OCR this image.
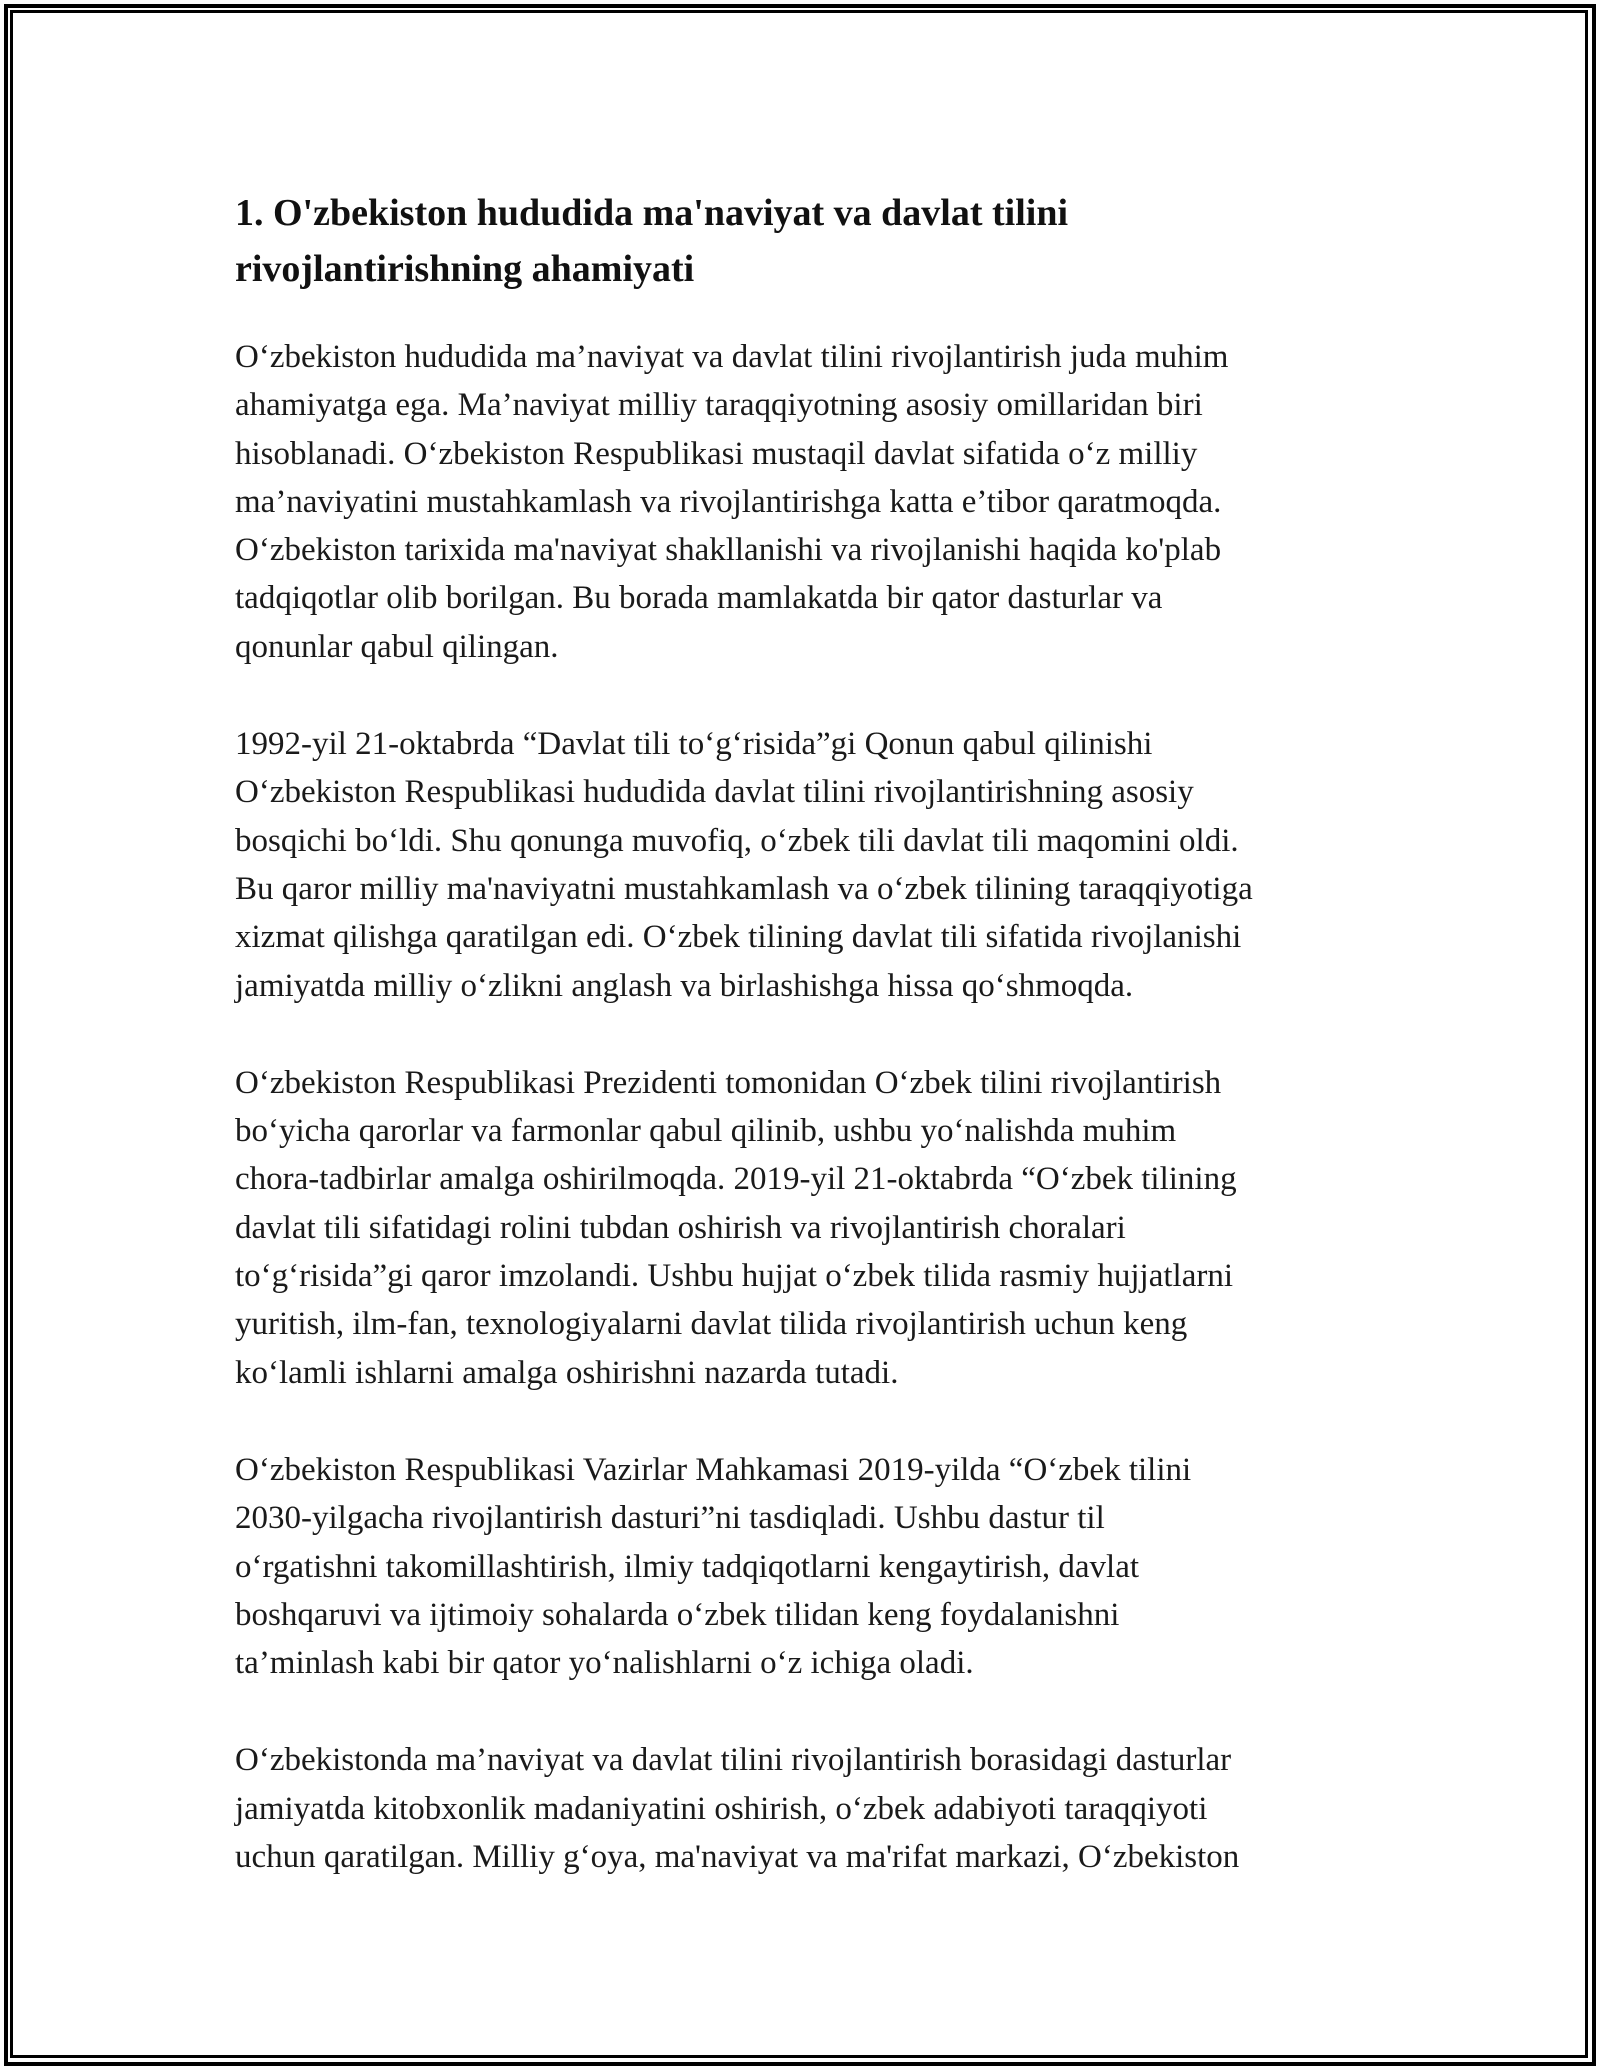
1. O'zbekiston hududida ma'naviyat va davlat tilini
rivojlantirishning ahamiyati

O‘zbekiston hududida ma’naviyat va davlat tilini rivojlantirish juda muhim
ahamiyatga ega. Ma’naviyat milliy taraqqiyotning asosiy omillaridan biri
hisoblanadi. O‘zbekiston Respublikasi mustaqil davlat sifatida o‘z milliy
ma’naviyatini mustahkamlash va rivojlantirishga katta e’tibor qaratmoqda.
O‘zbekiston tarixida ma'naviyat shakllanishi va rivojlanishi haqida ko'plab
tadqiqotlar olib borilgan. Bu borada mamlakatda bir qator dasturlar va
qonunlar qabul qilingan.

1992-yil 21-oktabrda “Davlat tili to‘g‘risida”gi Qonun qabul qilinishi
O‘zbekiston Respublikasi hududida davlat tilini rivojlantirishning asosiy
bosqichi bo‘ldi. Shu qonunga muvofiq, o‘zbek tili davlat tili maqomini oldi.
Bu qaror milliy ma'naviyatni mustahkamlash va o‘zbek tilining taraqqiyotiga
xizmat qilishga qaratilgan edi. O‘zbek tilining davlat tili sifatida rivojlanishi
jamiyatda milliy o‘zlikni anglash va birlashishga hissa qo‘shmoqda.

O‘zbekiston Respublikasi Prezidenti tomonidan O‘zbek tilini rivojlantirish
bo‘yicha qarorlar va farmonlar qabul qilinib, ushbu yo‘nalishda muhim
chora-tadbirlar amalga oshirilmoqda. 2019-yil 21-oktabrda “O‘zbek tilining
davlat tili sifatidagi rolini tubdan oshirish va rivojlantirish choralari
to‘g‘risida”gi qaror imzolandi. Ushbu hujjat o‘zbek tilida rasmiy hujjatlarni
yuritish, ilm-fan, texnologiyalarni davlat tilida rivojlantirish uchun keng
ko‘lamli ishlarni amalga oshirishni nazarda tutadi.

O‘zbekiston Respublikasi Vazirlar Mahkamasi 2019-yilda “O‘zbek tilini
2030-yilgacha rivojlantirish dasturi”ni tasdiqladi. Ushbu dastur til
o‘rgatishni takomillashtirish, ilmiy tadqiqotlarni kengaytirish, davlat
boshqaruvi va ijtimoiy sohalarda o‘zbek tilidan keng foydalanishni
ta’minlash kabi bir qator yo‘nalishlarni o‘z ichiga oladi.

O‘zbekistonda ma’naviyat va davlat tilini rivojlantirish borasidagi dasturlar
jamiyatda kitobxonlik madaniyatini oshirish, o‘zbek adabiyoti taraqqiyoti
uchun qaratilgan. Milliy g‘oya, ma'naviyat va ma'rifat markazi, O‘zbekiston
